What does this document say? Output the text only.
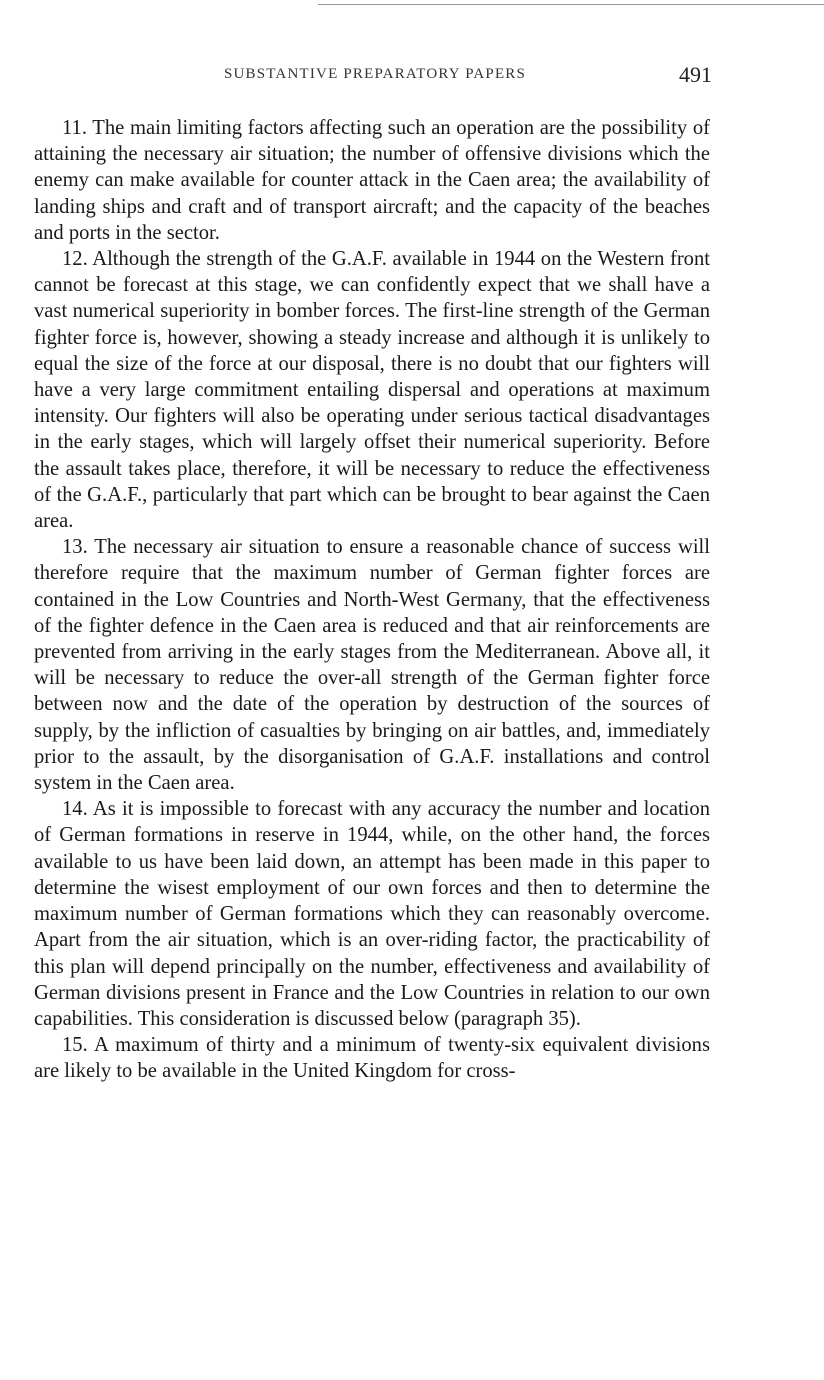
SUBSTANTIVE PREPARATORY PAPERS	491

11. The main limiting factors affecting such an operation are the possibility of attaining the necessary air situation; the number of offensive divisions which the enemy can make available for counter attack in the Caen area; the availability of landing ships and craft and of transport aircraft; and the capacity of the beaches and ports in the sector.

12. Although the strength of the G.A.F. available in 1944 on the Western front cannot be forecast at this stage, we can confidently expect that we shall have a vast numerical superiority in bomber forces. The first-line strength of the German fighter force is, however, showing a steady increase and although it is unlikely to equal the size of the force at our disposal, there is no doubt that our fighters will have a very large commitment entailing dispersal and operations at maximum intensity. Our fighters will also be operating under serious tactical disadvantages in the early stages, which will largely offset their numerical superiority. Before the assault takes place, therefore, it will be necessary to reduce the effectiveness of the G.A.F., particularly that part which can be brought to bear against the Caen area.

13. The necessary air situation to ensure a reasonable chance of success will therefore require that the maximum number of German fighter forces are contained in the Low Countries and North-West Germany, that the effectiveness of the fighter defence in the Caen area is reduced and that air reinforcements are prevented from arriving in the early stages from the Mediterranean. Above all, it will be necessary to reduce the over-all strength of the German fighter force between now and the date of the operation by destruction of the sources of supply, by the infliction of casualties by bringing on air battles, and, immediately prior to the assault, by the disorganisation of G.A.F. installations and control system in the Caen area.

14. As it is impossible to forecast with any accuracy the number and location of German formations in reserve in 1944, while, on the other hand, the forces available to us have been laid down, an attempt has been made in this paper to determine the wisest employment of our own forces and then to determine the maximum number of German formations which they can reasonably overcome. Apart from the air situation, which is an over-riding factor, the practicability of this plan will depend principally on the number, effectiveness and availability of German divisions present in France and the Low Countries in relation to our own capabilities. This consideration is discussed below (paragraph 35).

15. A maximum of thirty and a minimum of twenty-six equivalent divisions are likely to be available in the United Kingdom for cross-
